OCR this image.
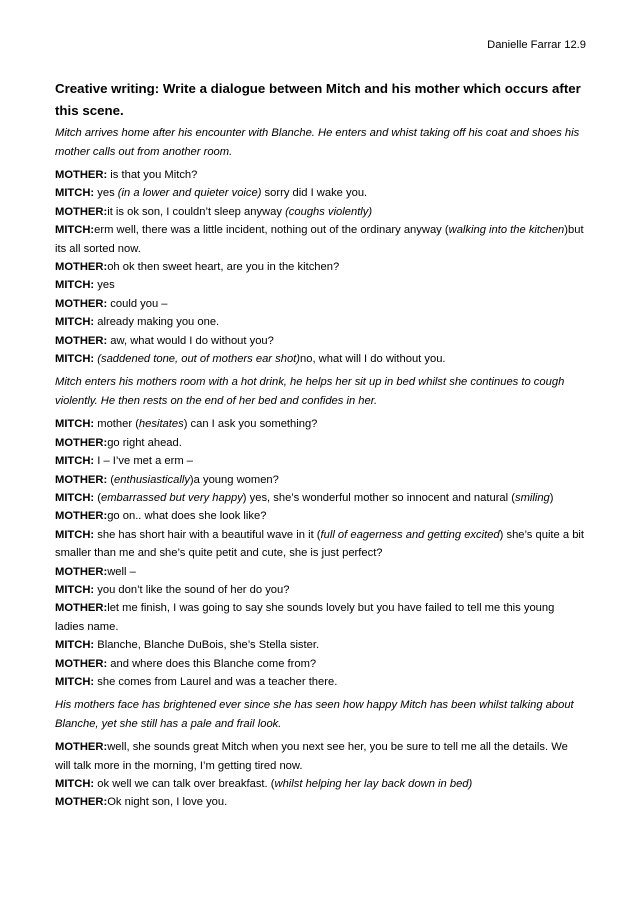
Danielle Farrar 12.9
Creative writing: Write a dialogue between Mitch and his mother which occurs after this scene.
Mitch arrives home after his encounter with Blanche. He enters and whist taking off his coat and shoes his mother calls out from another room.
MOTHER: is that you Mitch?
MITCH: yes (in a lower and quieter voice) sorry did I wake you.
MOTHER:it is ok son, I couldn’t sleep anyway (coughs violently)
MITCH:erm well, there was a little incident, nothing out of the ordinary anyway (walking into the kitchen)but its all sorted now.
MOTHER:oh ok then sweet heart, are you in the kitchen?
MITCH: yes
MOTHER: could you –
MITCH: already making you one.
MOTHER: aw, what would I do without you?
MITCH: (saddened tone, out of mothers ear shot)no, what will I do without you.
Mitch enters his mothers room with a hot drink, he helps her sit up in bed whilst she continues to cough violently. He then rests on the end of her bed and confides in her.
MITCH: mother (hesitates) can I ask you something?
MOTHER:go right ahead.
MITCH: I – I’ve met a erm –
MOTHER: (enthusiastically)a young women?
MITCH: (embarrassed but very happy) yes, she’s wonderful mother so innocent and natural (smiling)
MOTHER:go on.. what does she look like?
MITCH: she has short hair with a beautiful wave in it (full of eagerness and getting excited) she’s quite a bit smaller than me and she’s quite petit and cute, she is just perfect?
MOTHER:well –
MITCH: you don’t like the sound of her do you?
MOTHER:let me finish, I was going to say she sounds lovely but you have failed to tell me this young ladies name.
MITCH: Blanche, Blanche DuBois, she’s Stella sister.
MOTHER: and where does this Blanche come from?
MITCH: she comes from Laurel and was a teacher there.
His mothers face has brightened ever since she has seen how happy Mitch has been whilst talking about Blanche, yet she still has a pale and frail look.
MOTHER:well, she sounds great Mitch when you next see her, you be sure to tell me all the details. We will talk more in the morning, I’m getting tired now.
MITCH: ok well we can talk over breakfast. (whilst helping her lay back down in bed)
MOTHER:Ok night son, I love you.
